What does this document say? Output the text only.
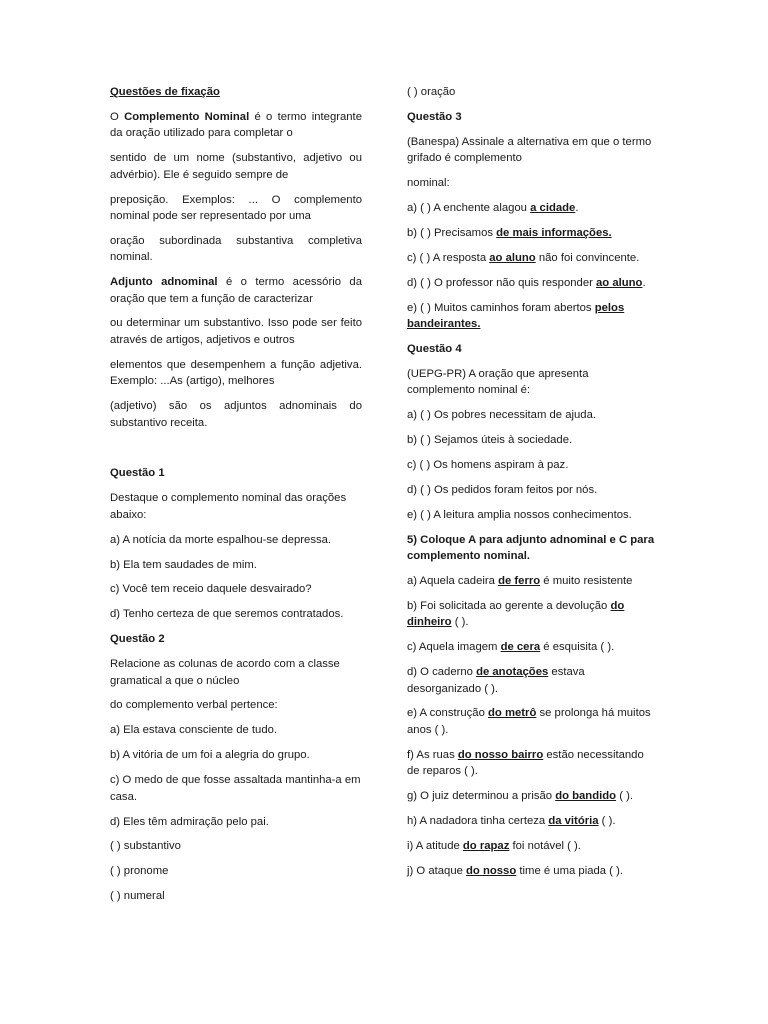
Questões de fixação

O Complemento Nominal é o termo integrante da oração utilizado para completar o

sentido de um nome (substantivo, adjetivo ou advérbio). Ele é seguido sempre de

preposição. Exemplos: ... O complemento nominal pode ser representado por uma

oração subordinada substantiva completiva nominal.

Adjunto adnominal é o termo acessório da oração que tem a função de caracterizar

ou determinar um substantivo. Isso pode ser feito através de artigos, adjetivos e outros

elementos que desempenhem a função adjetiva. Exemplo: ...As (artigo), melhores

(adjetivo) são os adjuntos adnominais do substantivo receita.

Questão 1

Destaque o complemento nominal das orações abaixo:

a) A notícia da morte espalhou-se depressa.

b) Ela tem saudades de mim.

c) Você tem receio daquele desvairado?

d) Tenho certeza de que seremos contratados.

Questão 2

Relacione as colunas de acordo com a classe gramatical a que o núcleo

do complemento verbal pertence:

a) Ela estava consciente de tudo.

b) A vitória de um foi a alegria do grupo.

c) O medo de que fosse assaltada mantinha-a em casa.

d) Eles têm admiração pelo pai.

( ) substantivo

( ) pronome

( ) numeral

( ) oração

Questão 3

(Banespa) Assinale a alternativa em que o termo grifado é complemento

nominal:

a) ( ) A enchente alagou a cidade.

b) ( ) Precisamos de mais informações.

c) ( ) A resposta ao aluno não foi convincente.

d) ( ) O professor não quis responder ao aluno.

e) ( ) Muitos caminhos foram abertos pelos bandeirantes.

Questão 4

(UEPG-PR) A oração que apresenta complemento nominal é:

a) ( ) Os pobres necessitam de ajuda.

b) ( ) Sejamos úteis à sociedade.

c) ( ) Os homens aspiram à paz.

d) ( ) Os pedidos foram feitos por nós.

e) ( ) A leitura amplia nossos conhecimentos.

5) Coloque A para adjunto adnominal e C para complemento nominal.

a) Aquela cadeira de ferro é muito resistente

b) Foi solicitada ao gerente a devolução do dinheiro ( ).

c) Aquela imagem de cera é esquisita ( ).

d) O caderno de anotações estava desorganizado ( ).

e) A construção do metrô se prolonga há muitos anos ( ).

f) As ruas do nosso bairro estão necessitando de reparos ( ).

g) O juiz determinou a prisão do bandido ( ).

h) A nadadora tinha certeza da vitória ( ).

i) A atitude do rapaz foi notável ( ).

j) O ataque do nosso time é uma piada ( ).
